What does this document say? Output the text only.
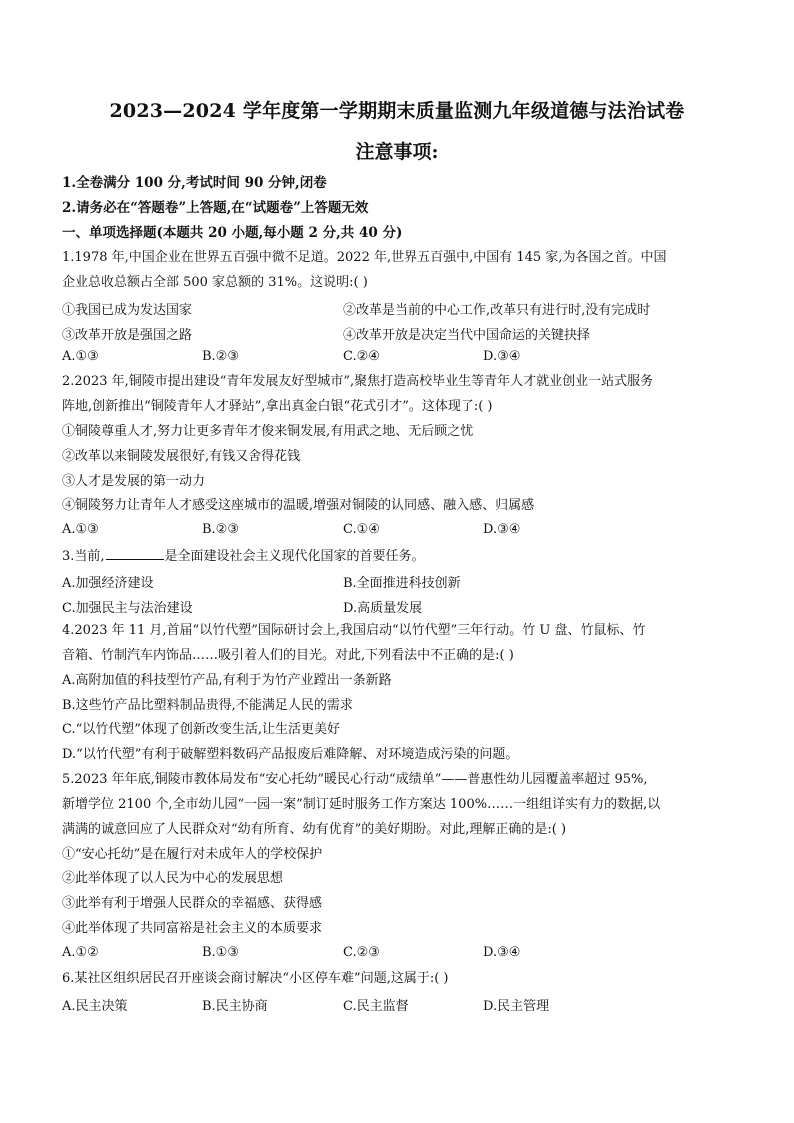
2023—2024 学年度第一学期期末质量监测九年级道德与法治试卷
注意事项:
1.全卷满分 100 分,考试时间 90 分钟,闭卷
2.请务必在“答题卷”上答题,在“试题卷”上答题无效
一、单项选择题(本题共 20 小题,每小题 2 分,共 40 分)
1.1978 年,中国企业在世界五百强中微不足道。2022 年,世界五百强中,中国有 145 家,为各国之首。中国
企业总收总额占全部 500 家总额的 31%。这说明:( )
①我国已成为发达国家	②改革是当前的中心工作,改革只有进行时,没有完成时
③改革开放是强国之路	④改革开放是决定当代中国命运的关键抉择
A.①③	B.②③	C.②④	D.③④
2.2023 年,铜陵市提出建设“青年发展友好型城市”,聚焦打造高校毕业生等青年人才就业创业一站式服务
阵地,创新推出“铜陵青年人才驿站”,拿出真金白银“花式引才”。这体现了:( )
①铜陵尊重人才,努力让更多青年才俊来铜发展,有用武之地、无后顾之忧
②改革以来铜陵发展很好,有钱又舍得花钱
③人才是发展的第一动力
④铜陵努力让青年人才感受这座城市的温暖,增强对铜陵的认同感、融入感、归属感
A.①③	B.②③	C.①④	D.③④
3.当前,	是全面建设社会主义现代化国家的首要任务。
A.加强经济建设	B.全面推进科技创新
C.加强民主与法治建设	D.高质量发展
4.2023 年 11 月,首届“以竹代塑”国际研讨会上,我国启动“以竹代塑”三年行动。竹 U 盘、竹鼠标、竹
音箱、竹制汽车内饰品……吸引着人们的目光。对此,下列看法中不正确的是:( )
A.高附加值的科技型竹产品,有利于为竹产业蹚出一条新路
B.这些竹产品比塑料制品贵得,不能满足人民的需求
C.“以竹代塑”体现了创新改变生活,让生活更美好
D.“以竹代塑”有利于破解塑料数码产品报废后难降解、对环境造成污染的问题。
5.2023 年年底,铜陵市教体局发布“安心托幼”暖民心行动“成绩单”——普惠性幼儿园覆盖率超过 95%,
新增学位 2100 个,全市幼儿园“一园一案”制订延时服务工作方案达 100%……一组组详实有力的数据,以
满满的诚意回应了人民群众对“幼有所育、幼有优育”的美好期盼。对此,理解正确的是:( )
①“安心托幼”是在履行对未成年人的学校保护
②此举体现了以人民为中心的发展思想
③此举有利于增强人民群众的幸福感、获得感
④此举体现了共同富裕是社会主义的本质要求
A.①②	B.①③	C.②③	D.③④
6.某社区组织居民召开座谈会商讨解决“小区停车难”问题,这属于:( )
A.民主决策	B.民主协商	C.民主监督	D.民主管理
